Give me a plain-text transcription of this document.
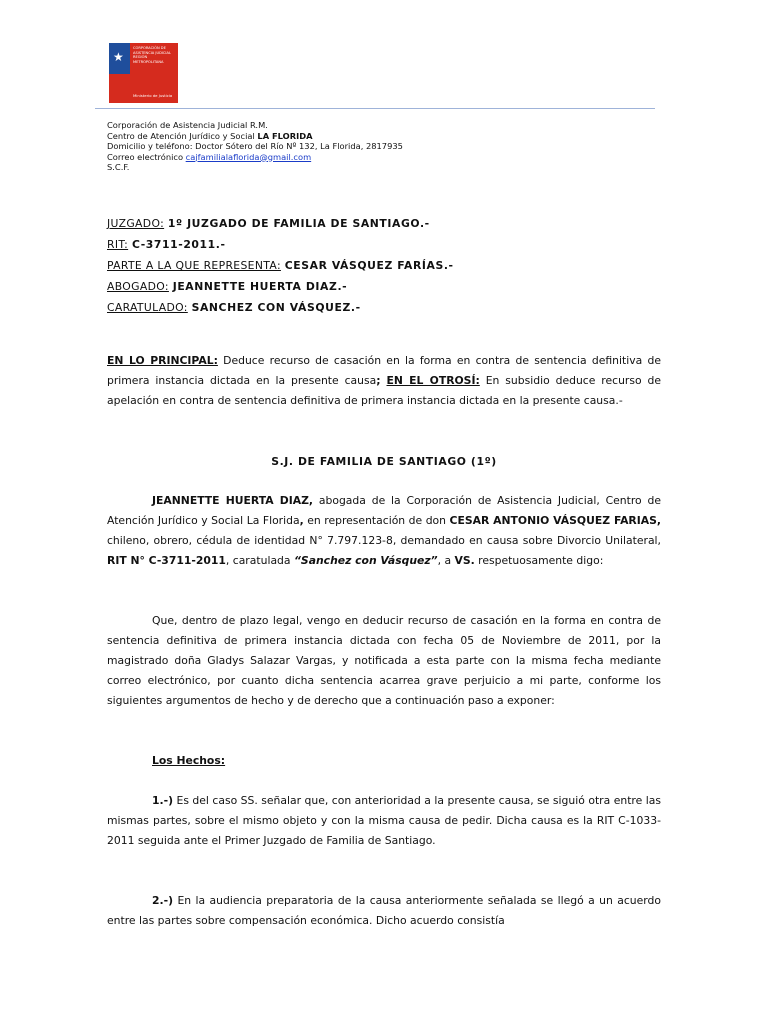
★
CORPORACIÓN DE ASISTENCIA JUDICIAL
REGIÓN METROPOLITANA
Ministerio de Justicia
Corporación de Asistencia Judicial R.M.
Centro de Atención Jurídico y Social LA FLORIDA
Domicilio y teléfono: Doctor Sótero del Río Nº 132, La Florida, 2817935
Correo electrónico cajfamilialaflorida@gmail.com
S.C.F.
JUZGADO: 1º JUZGADO DE FAMILIA DE SANTIAGO.-
RIT: C-3711-2011.-
PARTE A LA QUE REPRESENTA: CESAR VÁSQUEZ FARÍAS.-
ABOGADO: JEANNETTE HUERTA DIAZ.-
CARATULADO: SANCHEZ CON VÁSQUEZ.-
EN LO PRINCIPAL: Deduce recurso de casación en la forma en contra de sentencia definitiva de primera instancia dictada en la presente causa; EN EL OTROSÍ: En subsidio deduce recurso de apelación en contra de sentencia definitiva de primera instancia dictada en la presente causa.-
S.J. DE FAMILIA DE SANTIAGO (1º)
JEANNETTE HUERTA DIAZ, abogada de la Corporación de Asistencia Judicial, Centro de Atención Jurídico y Social La Florida, en representación de don CESAR ANTONIO VÁSQUEZ FARIAS, chileno, obrero, cédula de identidad N° 7.797.123-8, demandado en causa sobre Divorcio Unilateral, RIT N° C-3711-2011, caratulada “Sanchez con Vásquez”, a VS. respetuosamente digo:
Que, dentro de plazo legal, vengo en deducir recurso de casación en la forma en contra de sentencia definitiva de primera instancia dictada con fecha 05 de Noviembre de 2011, por la magistrado doña Gladys Salazar Vargas, y notificada a esta parte con la misma fecha mediante correo electrónico, por cuanto dicha sentencia acarrea grave perjuicio a mi parte, conforme los siguientes argumentos de hecho y de derecho que a continuación paso a exponer:
Los Hechos:
1.-) Es del caso SS. señalar que, con anterioridad a la presente causa, se siguió otra entre las mismas partes, sobre el mismo objeto y con la misma causa de pedir. Dicha causa es la RIT C-1033-2011 seguida ante el Primer Juzgado de Familia de Santiago.
2.-) En la audiencia preparatoria de la causa anteriormente señalada se llegó a un acuerdo entre las partes sobre compensación económica. Dicho acuerdo consistía
